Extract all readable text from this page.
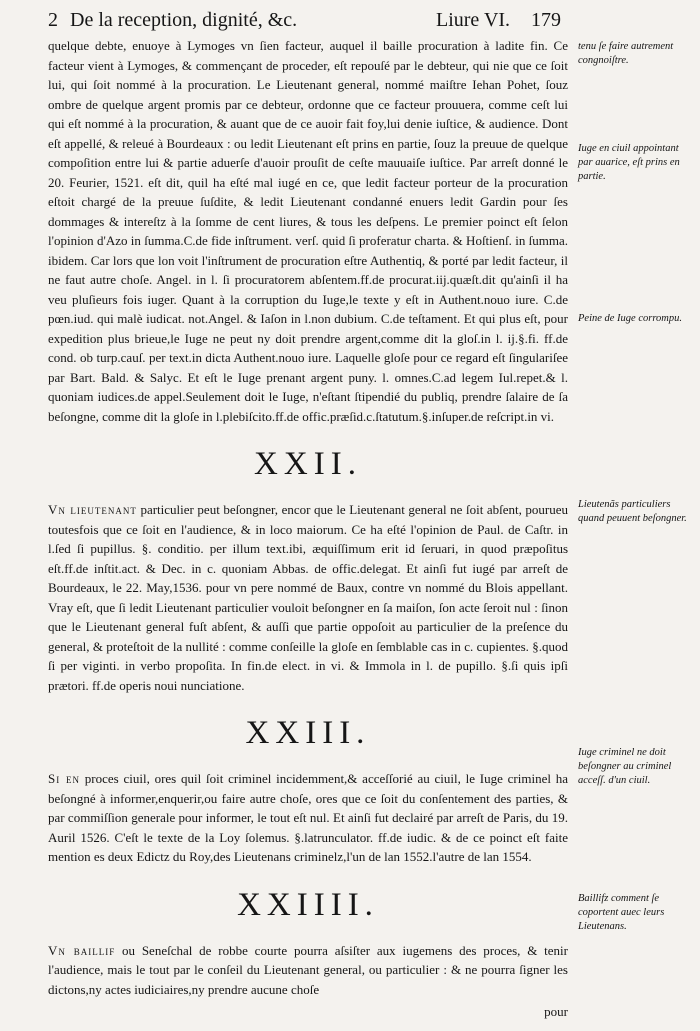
2 De la reception, dignité, &c.	Liure VI. 179

quelque debte, enuoye à Lymoges vn ſien facteur, auquel il baille procuration à ladite fin. Ce facteur vient à Lymoges, & commençant de proceder, eſt repouſé par le debteur, qui nie que ce ſoit lui, qui ſoit nommé à la procuration. Le Lieutenant general, nommé maiſtre Iehan Pohet, ſouz ombre de quelque argent promis par ce debteur, ordonne que ce facteur prouuera, comme ceſt lui qui eſt nommé à la procuration, & auant que de ce auoir fait foy,lui denie iuſtice, & audience. Dont eſt appellé, & releué à Bourdeaux : ou ledit Lieutenant eſt prins en partie, ſouz la preuue de quelque compoſition entre lui & partie aduerſe d'auoir prouſit de ceſte mauuaiſe iuſtice. Par arreſt donné le 20. Feurier, 1521. eſt dit, quil ha eſté mal iugé en ce, que ledit facteur porteur de la procuration eſtoit chargé de la preuue ſuſdite, & ledit Lieutenant condanné enuers ledit Gardin pour ſes dommages & intereſtz à la ſomme de cent liures, & tous les deſpens. Le premier poinct eſt ſelon l'opinion d'Azo in ſumma.C.de fide inſtrument. verſ. quid ſi proferatur charta. & Hoſtienſ. in ſumma. ibidem. Car lors que lon voit l'inſtrument de procuration eſtre Authentiq, & porté par ledit facteur, il ne faut autre choſe. Angel. in l. ſi procuratorem abſentem.ff.de procurat.iij.quæſt.dit qu'ainſi il ha veu pluſieurs fois iuger. Quant à la corruption du Iuge,le texte y eſt in Authent.nouo iure. C.de pœn.iud. qui malè iudicat. not.Angel. & Iaſon in l.non dubium. C.de teſtament. Et qui plus eſt, pour expedition plus brieue,le Iuge ne peut ny doit prendre argent,comme dit la gloſ.in l. ij.§.fi. ff.de cond. ob turp.cauſ. per text.in dicta Authent.nouo iure. Laquelle gloſe pour ce regard eſt ſingulariſee par Bart. Bald. & Salyc. Et eſt le Iuge prenant argent puny. l. omnes.C.ad legem Iul.repet.& l. quoniam iudices.de appel.Seulement doit le Iuge, n'eſtant ſtipendié du publiq, prendre ſalaire de ſa beſongne, comme dit la gloſe in l.plebiſcito.ff.de offic.præſid.c.ſtatutum.§.inſuper.de reſcript.in vi.

XXII.

Vn lieutenant particulier peut beſongner, encor que le Lieutenant general ne ſoit abſent, pourueu toutesfois que ce ſoit en l'audience, & in loco maiorum. Ce ha eſté l'opinion de Paul. de Caſtr. in l.ſed ſi pupillus. §. conditio. per illum text.ibi, æquiſſimum erit id ſeruari, in quod præpoſitus eſt.ff.de inſtit.act. & Dec. in c. quoniam Abbas. de offic.delegat. Et ainſi fut iugé par arreſt de Bourdeaux, le 22. May,1536. pour vn pere nommé de Baux, contre vn nommé du Blois appellant. Vray eſt, que ſi ledit Lieutenant particulier vouloit beſongner en ſa maiſon, ſon acte ſeroit nul : ſinon que le Lieutenant general fuſt abſent, & auſſi que partie oppoſoit au particulier de la preſence du general, & proteſtoit de la nullité : comme conſeille la gloſe en ſemblable cas in c. cupientes. §.quod ſi per viginti. in verbo propoſita. In fin.de elect. in vi. & Immola in l. de pupillo. §.ſi quis ipſi prætori. ff.de operis noui nunciatione.

XXIII.

Si en proces ciuil, ores quil ſoit criminel incidemment,& acceſſorié au ciuil, le Iuge criminel ha beſongné à informer,enquerir,ou faire autre choſe, ores que ce ſoit du conſentement des parties, & par commiſſion generale pour informer, le tout eſt nul. Et ainſi fut declairé par arreſt de Paris, du 19. Auril 1526. C'eſt le texte de la Loy ſolemus. §.latrunculator. ff.de iudic. & de ce poinct eſt faite mention es deux Edictz du Roy,des Lieutenans criminelz,l'un de lan 1552.l'autre de lan 1554.

XXIIII.

Vn baillif ou Seneſchal de robbe courte pourra aſsiſter aux iugemens des proces, & tenir l'audience, mais le tout par le conſeil du Lieutenant general, ou particulier : & ne pourra ſigner les dictons,ny actes iudiciaires,ny prendre aucune choſe

pour
tenu ſe faire autrement congnoiſtre.
Iuge en ciuil appointant par auarice, eſt prins en partie.
Peine de Iuge corrompu.
Lieutenãs particuliers quand peuuent beſongner.
Iuge criminel ne doit beſongner au criminel acceſſ. d'un ciuil.
Baillifz comment ſe coportent auec leurs Lieutenans.
